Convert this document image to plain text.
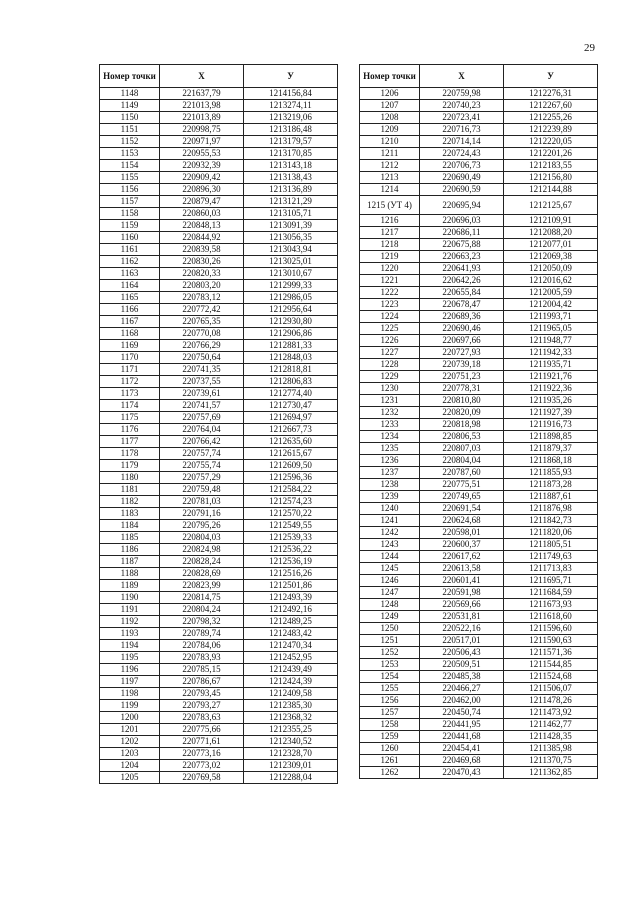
29
Номер точки	X	У
1148	221637,79	1214156,84
1149	221013,98	1213274,11
1150	221013,89	1213219,06
1151	220998,75	1213186,48
1152	220971,97	1213179,57
1153	220955,53	1213170,85
1154	220932,39	1213143,18
1155	220909,42	1213138,43
1156	220896,30	1213136,89
1157	220879,47	1213121,29
1158	220860,03	1213105,71
1159	220848,13	1213091,39
1160	220844,92	1213056,35
1161	220839,58	1213043,94
1162	220830,26	1213025,01
1163	220820,33	1213010,67
1164	220803,20	1212999,33
1165	220783,12	1212986,05
1166	220772,42	1212956,64
1167	220765,35	1212930,80
1168	220770,08	1212906,86
1169	220766,29	1212881,33
1170	220750,64	1212848,03
1171	220741,35	1212818,81
1172	220737,55	1212806,83
1173	220739,61	1212774,40
1174	220741,57	1212730,47
1175	220757,69	1212694,97
1176	220764,04	1212667,73
1177	220766,42	1212635,60
1178	220757,74	1212615,67
1179	220755,74	1212609,50
1180	220757,29	1212596,36
1181	220759,48	1212584,22
1182	220781,03	1212574,23
1183	220791,16	1212570,22
1184	220795,26	1212549,55
1185	220804,03	1212539,33
1186	220824,98	1212536,22
1187	220828,24	1212536,19
1188	220828,69	1212516,26
1189	220823,99	1212501,86
1190	220814,75	1212493,39
1191	220804,24	1212492,16
1192	220798,32	1212489,25
1193	220789,74	1212483,42
1194	220784,06	1212470,34
1195	220783,93	1212452,95
1196	220785,15	1212439,49
1197	220786,67	1212424,39
1198	220793,45	1212409,58
1199	220793,27	1212385,30
1200	220783,63	1212368,32
1201	220775,66	1212355,25
1202	220771,61	1212340,52
1203	220773,16	1212328,70
1204	220773,02	1212309,01
1205	220769,58	1212288,04
Номер точки	X	У
1206	220759,98	1212276,31
1207	220740,23	1212267,60
1208	220723,41	1212255,26
1209	220716,73	1212239,89
1210	220714,14	1212220,05
1211	220724,43	1212201,26
1212	220706,73	1212183,55
1213	220690,49	1212156,80
1214	220690,59	1212144,88
1215 (УТ 4)	220695,94	1212125,67
1216	220696,03	1212109,91
1217	220686,11	1212088,20
1218	220675,88	1212077,01
1219	220663,23	1212069,38
1220	220641,93	1212050,09
1221	220642,26	1212016,62
1222	220655,84	1212005,59
1223	220678,47	1212004,42
1224	220689,36	1211993,71
1225	220690,46	1211965,05
1226	220697,66	1211948,77
1227	220727,93	1211942,33
1228	220739,18	1211935,71
1229	220751,23	1211921,76
1230	220778,31	1211922,36
1231	220810,80	1211935,26
1232	220820,09	1211927,39
1233	220818,98	1211916,73
1234	220806,53	1211898,85
1235	220807,03	1211879,37
1236	220804,04	1211868,18
1237	220787,60	1211855,93
1238	220775,51	1211873,28
1239	220749,65	1211887,61
1240	220691,54	1211876,98
1241	220624,68	1211842,73
1242	220598,01	1211820,06
1243	220600,37	1211805,51
1244	220617,62	1211749,63
1245	220613,58	1211713,83
1246	220601,41	1211695,71
1247	220591,98	1211684,59
1248	220569,66	1211673,93
1249	220531,81	1211618,60
1250	220522,16	1211596,60
1251	220517,01	1211590,63
1252	220506,43	1211571,36
1253	220509,51	1211544,85
1254	220485,38	1211524,68
1255	220466,27	1211506,07
1256	220462,00	1211478,26
1257	220450,74	1211473,92
1258	220441,95	1211462,77
1259	220441,68	1211428,35
1260	220454,41	1211385,98
1261	220469,68	1211370,75
1262	220470,43	1211362,85
